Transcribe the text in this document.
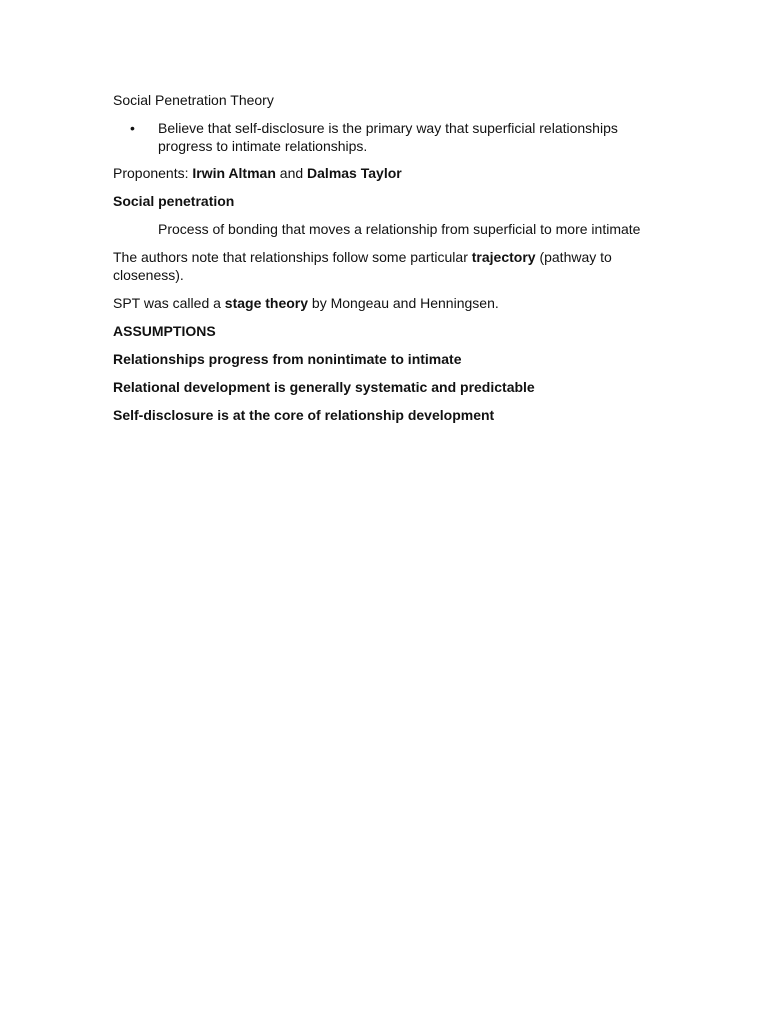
Social Penetration Theory

• Believe that self-disclosure is the primary way that superficial relationships progress to intimate relationships.

Proponents: Irwin Altman and Dalmas Taylor

Social penetration

Process of bonding that moves a relationship from superficial to more intimate

The authors note that relationships follow some particular trajectory (pathway to closeness).

SPT was called a stage theory by Mongeau and Henningsen.

ASSUMPTIONS

Relationships progress from nonintimate to intimate

Relational development is generally systematic and predictable

Self-disclosure is at the core of relationship development
